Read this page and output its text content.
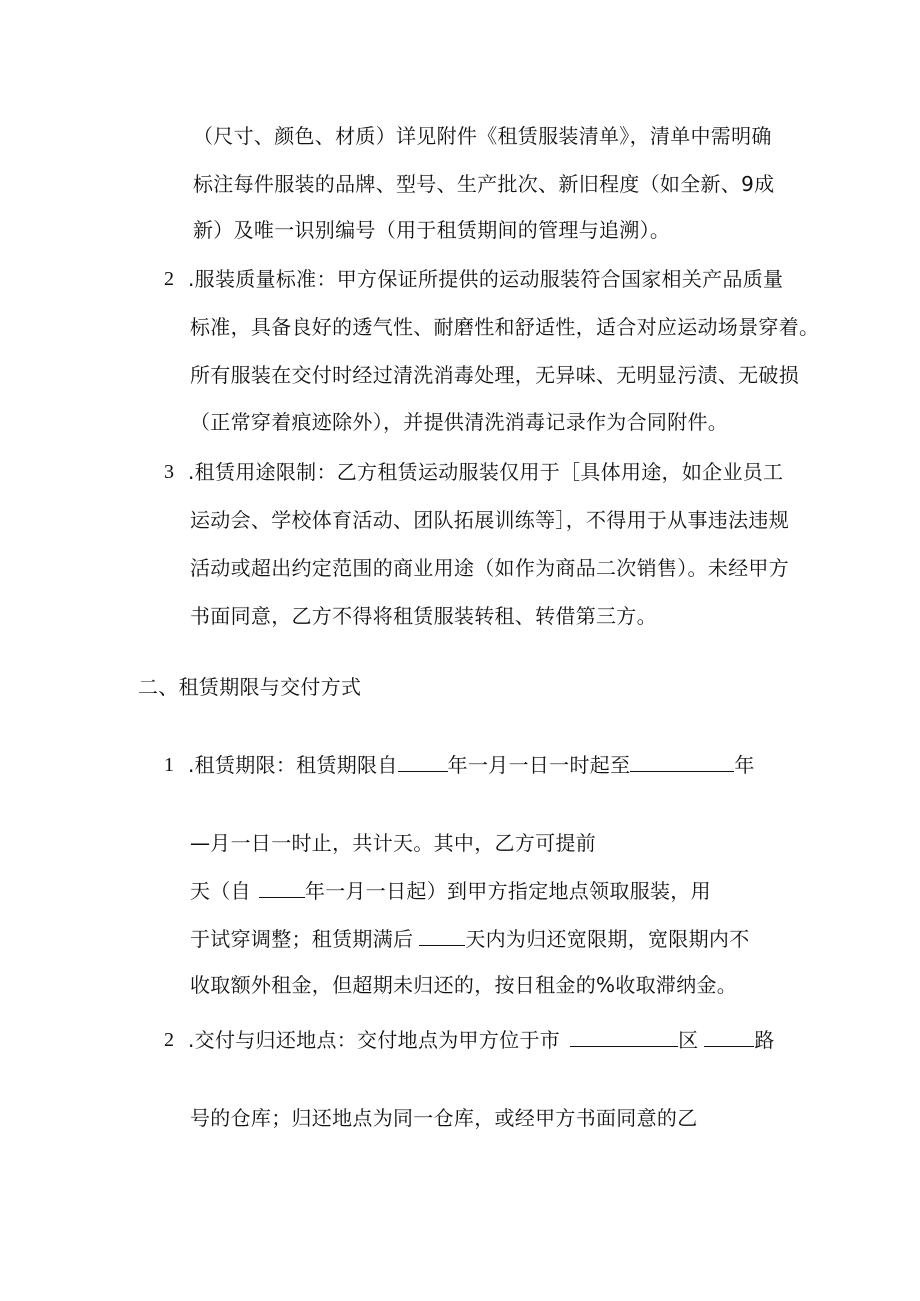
（尺寸、颜色、材质）详见附件《租赁服装清单》，清单中需明确
标注每件服装的品牌、型号、生产批次、新旧程度（如全新、9成
新）及唯一识别编号（用于租赁期间的管理与追溯）。
2 .服装质量标准：甲方保证所提供的运动服装符合国家相关产品质量
标准，具备良好的透气性、耐磨性和舒适性，适合对应运动场景穿着。
所有服装在交付时经过清洗消毒处理，无异味、无明显污渍、无破损
（正常穿着痕迹除外），并提供清洗消毒记录作为合同附件。
3 .租赁用途限制：乙方租赁运动服装仅用于［具体用途，如企业员工
运动会、学校体育活动、团队拓展训练等］，不得用于从事违法违规
活动或超出约定范围的商业用途（如作为商品二次销售）。未经甲方
书面同意，乙方不得将租赁服装转租、转借第三方。
二、租赁期限与交付方式
1 .租赁期限：租赁期限自	年一月一日一时起至	年
—月一日一时止，共计天。其中，乙方可提前
天（自	年一月一日起）到甲方指定地点领取服装，用
于试穿调整；租赁期满后	天内为归还宽限期，宽限期内不
收取额外租金，但超期未归还的，按日租金的%收取滞纳金。
2 .交付与归还地点：交付地点为甲方位于市	区	路
号的仓库；归还地点为同一仓库，或经甲方书面同意的乙
